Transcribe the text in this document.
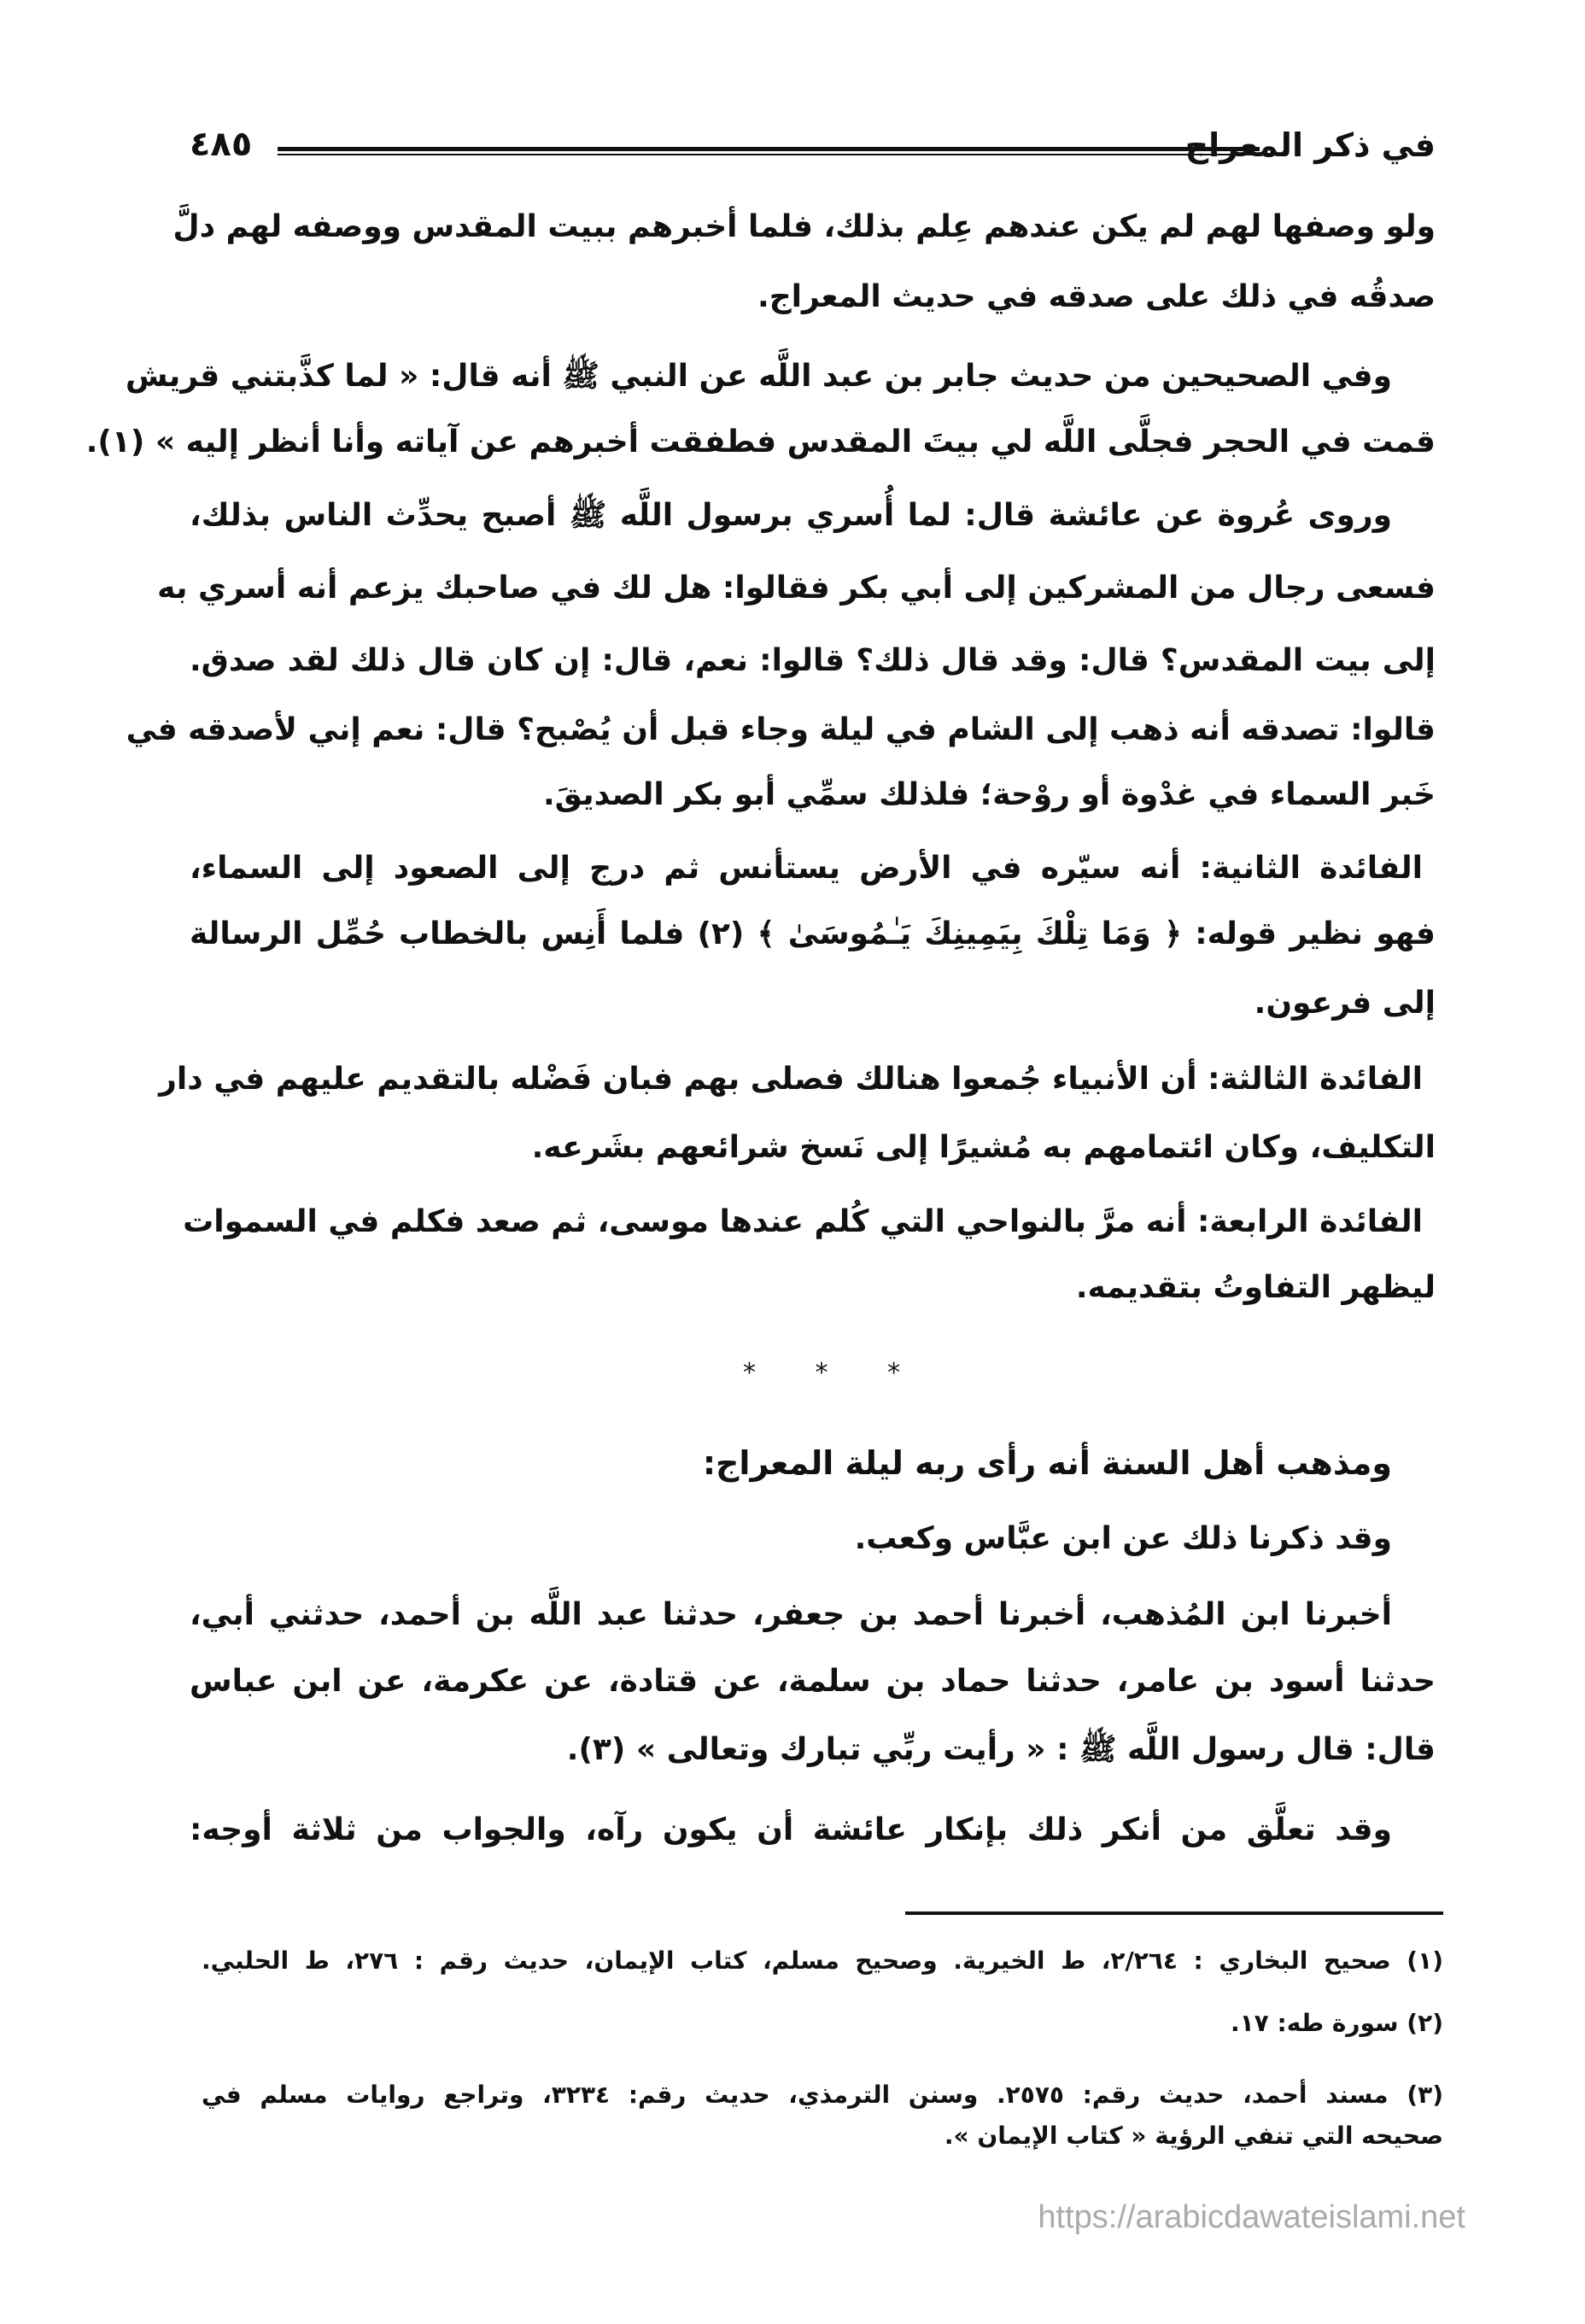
في ذكر المعراج
٤٨٥
ولو وصفها لهم لم يكن عندهم عِلم بذلك، فلما أخبرهم ببيت المقدس ووصفه لهم دلَّ
صدقُه في ذلك على صدقه في حديث المعراج.
وفي الصحيحين من حديث جابر بن عبد اللَّه عن النبي ﷺ أنه قال: « لما كذَّبتني قريش
قمت في الحجر فجلَّى اللَّه لي بيتَ المقدس فطفقت أخبرهم عن آياته وأنا أنظر إليه » (١).
وروى عُروة عن عائشة قال: لما أُسري برسول اللَّه ﷺ أصبح يحدِّث الناس بذلك،
فسعى رجال من المشركين إلى أبي بكر فقالوا: هل لك في صاحبك يزعم أنه أسري به
إلى بيت المقدس؟ قال: وقد قال ذلك؟ قالوا: نعم، قال: إن كان قال ذلك لقد صدق.
قالوا: تصدقه أنه ذهب إلى الشام في ليلة وجاء قبل أن يُصْبح؟ قال: نعم إني لأصدقه في
خَبر السماء في غدْوة أو روْحة؛ فلذلك سمِّي أبو بكر الصديقَ.
الفائدة الثانية: أنه سيّره في الأرض يستأنس ثم درج إلى الصعود إلى السماء،
فهو نظير قوله: ﴿ وَمَا تِلْكَ بِيَمِينِكَ يَـٰمُوسَىٰ ﴾ (٢) فلما أَنِس بالخطاب حُمِّل الرسالة
إلى فرعون.
الفائدة الثالثة: أن الأنبياء جُمعوا هنالك فصلى بهم فبان فَضْله بالتقديم عليهم في دار
التكليف، وكان ائتمامهم به مُشيرًا إلى نَسخ شرائعهم بشَرعه.
الفائدة الرابعة: أنه مرَّ بالنواحي التي كُلم عندها موسى، ثم صعد فكلم في السموات
ليظهر التفاوتُ بتقديمه.
ومذهب أهل السنة أنه رأى ربه ليلة المعراج:
وقد ذكرنا ذلك عن ابن عبَّاس وكعب.
أخبرنا ابن المُذهب، أخبرنا أحمد بن جعفر، حدثنا عبد اللَّه بن أحمد، حدثني أبي،
حدثنا أسود بن عامر، حدثنا حماد بن سلمة، عن قتادة، عن عكرمة، عن ابن عباس
قال: قال رسول اللَّه ﷺ : « رأيت ربِّي تبارك وتعالى » (٣).
وقد تعلَّق من أنكر ذلك بإنكار عائشة أن يكون رآه، والجواب من ثلاثة أوجه:
* * *
(١) صحيح البخاري : ٢/٢٦٤، ط الخيرية. وصحيح مسلم، كتاب الإيمان، حديث رقم : ٢٧٦، ط الحلبي.
(٢) سورة طه: ١٧.
(٣) مسند أحمد، حديث رقم: ٢٥٧٥. وسنن الترمذي، حديث رقم: ٣٢٣٤، وتراجع روايات مسلم في
صحيحه التي تنفي الرؤية « كتاب الإيمان ».
https://arabicdawateislami.net
